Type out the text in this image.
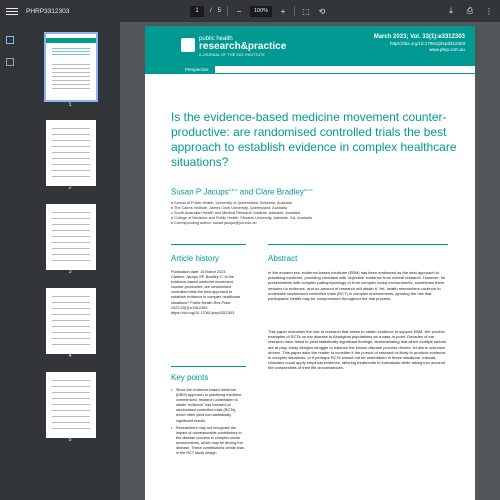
PHRP3312303	1	/ 5	−	100%	+	⬚ ⟲	⤓	⎙ ⋮
1
2
3
4
5
public health
research&practice
A JOURNAL OF THE SAX INSTITUTE
March 2023; Vol. 33(1):e3312303
https://doi.org/10.17061/phrp3312303
www.phrp.com.au
Perspective
Is the evidence-based medicine movement counter-productive: are randomised controlled trials the best approach to establish evidence in complex healthcare situations?
Susan P Jacups$^{a,b,e}$ and Clare Bradley$^{a,c,d}$
a School of Public Health, University of Queensland, Brisbane, Australia
b The Cairns Institute, James Cook University, Queensland, Australia
c South Australian Health and Medical Research Institute, Adelaide, Australia
d College of Medicine and Public Health, Flinders University, Adelaide, SA, Australia
e Corresponding author: susan.jacups@jcu.edu.au
Article history	Abstract
Publication date: 15 March 2023
Citation: Jacups SP, Bradley C. Is the evidence-based medicine movement counter-productive: are randomised controlled trials the best approach to establish evidence in complex healthcare situations? Public Health Res Pract. 2023;33(1):e3312303. https://doi.org/10.17061/phrp3312303
In the modern era, evidence-based medicine (EBM) has been embraced as the best approach to practising medicine, providing clinicians with 'objective' evidence from clinical research. However, for presentations with complex pathophysiology or from complex social environments, sometimes there remains no evidence, and no amount of research will obtain it. Yet, health researchers continue to undertake randomised controlled trials (RCT) in complex environments, ignoring the risk that participants' health may be compromised throughout the trial process.
This paper examines the role of research that seeks to obtain evidence to support EBM. We provide examples of RCTs on ear disease in Aboriginal populations as a case-in-point. Decades of ear research have failed to yield statistically significant findings, demonstrating that when multiple factors are at play, study designs struggle to balance the known disease process drivers, let alone unknown drivers. This paper asks the reader to consider if the pursuit of research is likely to produce evidence in complex situations, or if perhaps RCTs should not be undertaken in these situations. Instead, clinicians could apply empirical evidence, tailoring treatments to individuals while taking into account the complexities of their life circumstances.
Key points
• Since the evidence-based medicine (EBM) approach to practising medicine commenced, research undertaken to obtain 'evidence' has focused on randomised controlled trials (RCTs), which often yield non-statistically significant results
• Researchers may not recognise the impact of unmeasurable contributors to the disease process in complex social environments, which may be driving the disease. These contributions create bias in the RCT study design
